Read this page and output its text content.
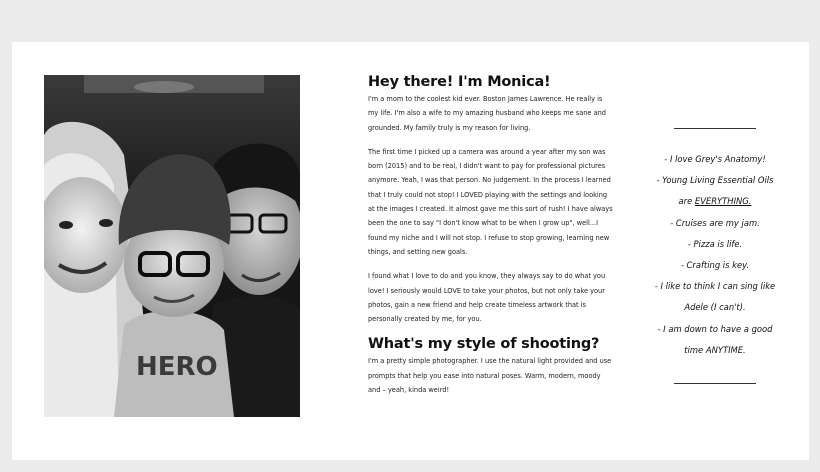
HERO
Hey there! I'm Monica!

I'm a mom to the coolest kid ever. Boston James Lawrence. He really is my life. I'm also a wife to my amazing husband who keeps me sane and grounded. My family truly is my reason for living.

The first time I picked up a camera was around a year after my son was born (2015) and to be real, I didn't want to pay for professional pictures anymore. Yeah, I was that person. No judgement. In the process I learned that I truly could not stop! I LOVED playing with the settings and looking at the images I created. It almost gave me this sort of rush! I have always been the one to say "I don't know what to be when I grow up", well...I found my niche and I will not stop. I refuse to stop growing, learning new things, and setting new goals.

I found what I love to do and you know, they always say to do what you love! I seriously would LOVE to take your photos, but not only take your photos, gain a new friend and help create timeless artwork that is personally created by me, for you.

What's my style of shooting?

I'm a pretty simple photographer. I use the natural light provided and use prompts that help you ease into natural poses. Warm, modern, moody and – yeah, kinda weird!

- I love Grey's Anatomy!
- Young Living Essential Oils
are EVERYTHING.
- Cruises are my jam.
- Pizza is life.
- Crafting is key.
- I like to think I can sing like
Adele (I can't).
- I am down to have a good
time ANYTIME.
